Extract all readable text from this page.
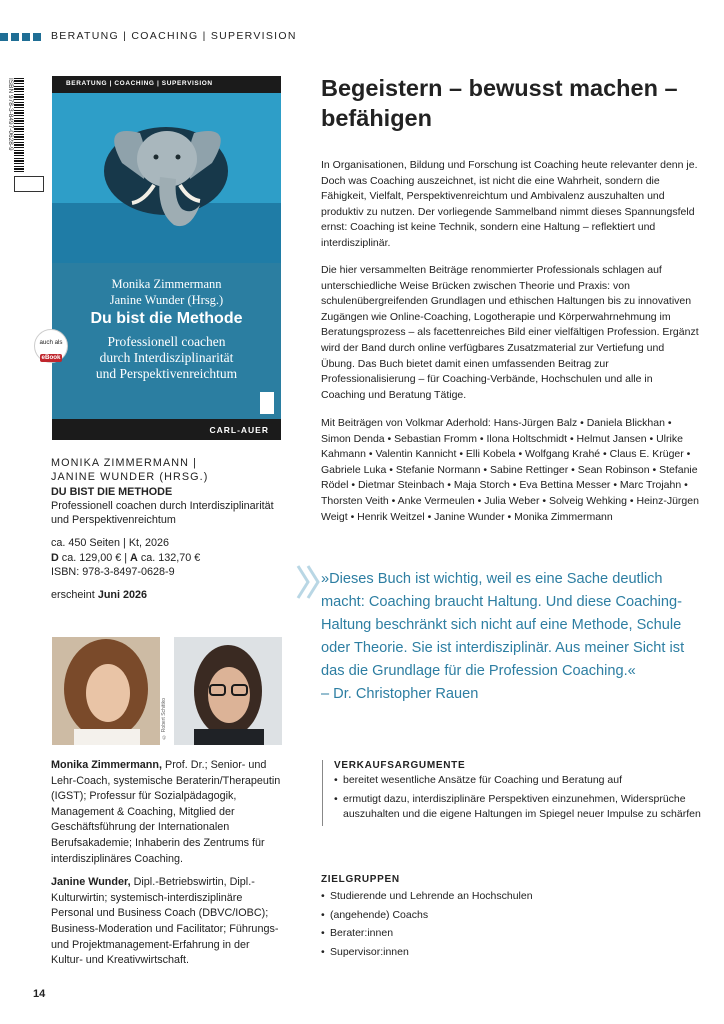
BERATUNG | COACHING | SUPERVISION
ISBN 978-3-8497-0628-9	BERATUNG | COACHING | SUPERVISION
Monika Zimmermann
Janine Wunder (Hrsg.)
Du bist die Methode
Professionell coachen
durch Interdisziplinarität
und Perspektivenreichtum
CARL-AUER
auch als
eBook
MONIKA ZIMMERMANN |
JANINE WUNDER (HRSG.)
DU BIST DIE METHODE
Professionell coachen durch Interdisziplinarität
und Perspektivenreichtum
ca. 450 Seiten | Kt, 2026
D ca. 129,00 € | A ca. 132,70 €
ISBN: 978-3-8497-0628-9
erscheint Juni 2026
© Robert Schittko

Monika Zimmermann, Prof. Dr.; Senior- und Lehr-Coach, systemische Beraterin/Therapeutin (IGST); Professur für Sozialpädagogik, Management & Coaching, Mitglied der Geschäftsführung der Internationalen Berufsakademie; Inhaberin des Zentrums für interdisziplinäres Coaching.

Janine Wunder, Dipl.-Betriebswirtin, Dipl.-Kulturwirtin; systemisch-interdisziplinäre Personal und Business Coach (DBVC/IOBC); Business-Moderation und Facilitator; Führungs- und Projektmanagement-Erfahrung in der Kultur- und Kreativwirtschaft.

14
Begeistern – bewusst machen – befähigen
In Organisationen, Bildung und Forschung ist Coaching heute relevanter denn je. Doch was Coaching auszeichnet, ist nicht die eine Wahrheit, sondern die Fähigkeit, Vielfalt, Perspektivenreichtum und Ambivalenz auszuhalten und produktiv zu nutzen. Der vorliegende Sammelband nimmt dieses Spannungsfeld ernst: Coaching ist keine Technik, sondern eine Haltung – reflektiert und interdisziplinär.
Die hier versammelten Beiträge renommierter Professionals schlagen auf unterschiedliche Weise Brücken zwischen Theorie und Praxis: von schulenübergreifenden Grundlagen und ethischen Haltungen bis zu innovativen Zugängen wie Online-Coaching, Logotherapie und Körperwahrnehmung im Beratungsprozess – als facettenreiches Bild einer vielfältigen Profession. Ergänzt wird der Band durch online verfügbares Zusatzmaterial zur Vertiefung und Übung. Das Buch bietet damit einen umfassenden Beitrag zur Professionalisierung – für Coaching-Verbände, Hochschulen und alle in Coaching und Beratung Tätige.
Mit Beiträgen von Volkmar Aderhold: Hans-Jürgen Balz • Daniela Blickhan • Simon Denda • Sebastian Fromm • Ilona Holtschmidt • Helmut Jansen • Ulrike Kahmann • Valentin Kannicht • Elli Kobela • Wolfgang Krahé • Claus E. Krüger • Gabriele Luka • Stefanie Normann • Sabine Rettinger • Sean Robinson • Stefanie Rödel • Dietmar Steinbach • Maja Storch • Eva Bettina Messer • Marc Trojahn • Thorsten Veith • Anke Vermeulen • Julia Weber • Solveig Wehking • Heinz-Jürgen Weigt • Henrik Weitzel • Janine Wunder • Monika Zimmermann
»Dieses Buch ist wichtig, weil es eine Sache deutlich macht: Coaching braucht Haltung. Und diese Coaching-Haltung beschränkt sich nicht auf eine Methode, Schule oder Theorie. Sie ist interdisziplinär. Aus meiner Sicht ist das die Grundlage für die Profession Coaching.«
– Dr. Christopher Rauen
VERKAUFSARGUMENTE
• bereitet wesentliche Ansätze für Coaching und Beratung auf
• ermutigt dazu, interdisziplinäre Perspektiven einzunehmen, Widersprüche auszuhalten und die eigene Haltungen im Spiegel neuer Impulse zu schärfen
ZIELGRUPPEN
• Studierende und Lehrende an Hochschulen
• (angehende) Coachs
• Berater:innen
• Supervisor:innen
